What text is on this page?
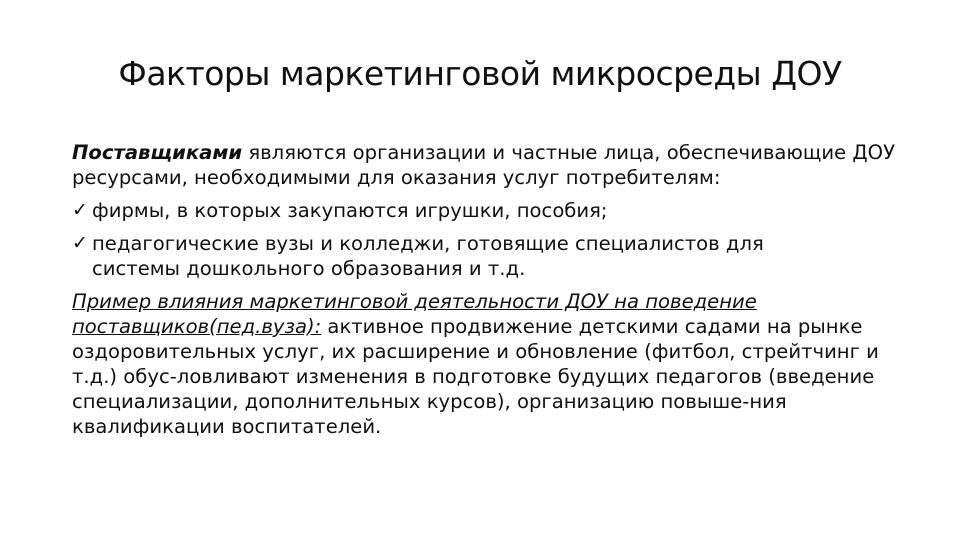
Факторы маркетинговой микросреды ДОУ

Поставщиками являются организации и частные лица, обеспечивающие ДОУ ресурсами, необходимыми для оказания услуг потребителям:

✓ фирмы, в которых закупаются игрушки, пособия;

✓ педагогические вузы и колледжи, готовящие специалистов для

системы дошкольного образования и т.д.

Пример влияния маркетинговой деятельности ДОУ на поведение поставщиков(пед.вуза): активное продвижение детскими садами на рынке оздоровительных услуг, их расширение и обновление (фитбол, стрейтчинг и т.д.) обус-ловливают изменения в подготовке будущих педагогов (введение специализации, дополнительных курсов), организацию повыше-ния квалификации воспитателей.
